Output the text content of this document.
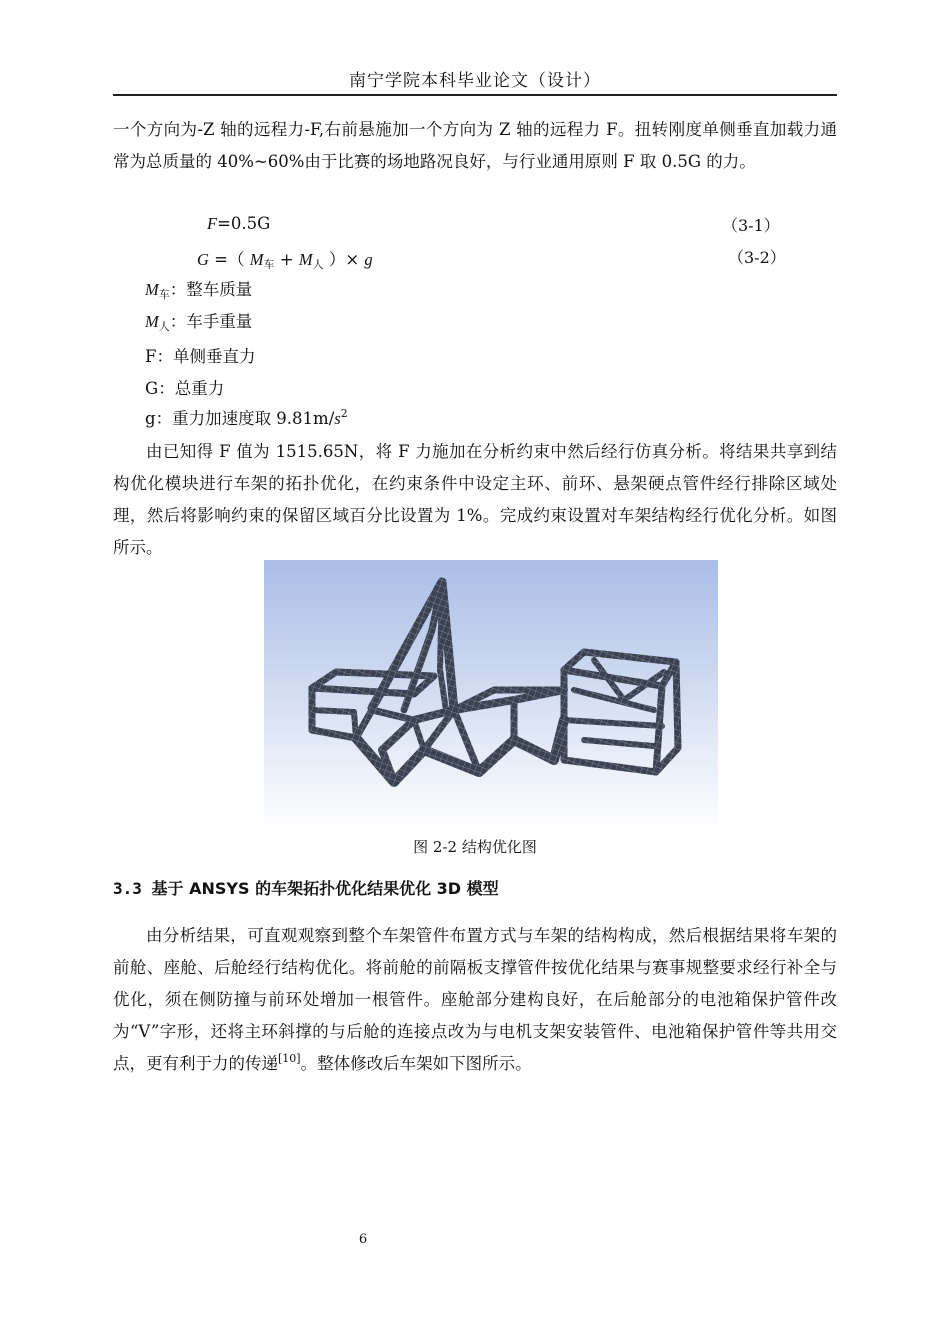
南宁学院本科毕业论文（设计）
一个方向为-Z 轴的远程力-F,右前悬施加一个方向为 Z 轴的远程力 F。扭转刚度单侧垂直加载力通常为总质量的 40%~60%由于比赛的场地路况良好，与行业通用原则 F 取 0.5G 的力。
F=0.5G	（3-1）
G =（ M车 + M人 ）× g	（3-2）
M车：整车质量
M人：车手重量
F：单侧垂直力
G：总重力
g：重力加速度取 $9.81m/s^2$
由已知得 F 值为 1515.65N，将 F 力施加在分析约束中然后经行仿真分析。将结果共享到结构优化模块进行车架的拓扑优化，在约束条件中设定主环、前环、悬架硬点管件经行排除区域处理，然后将影响约束的保留区域百分比设置为 1%。完成约束设置对车架结构经行优化分析。如图所示。
图 2-2 结构优化图
3.3 基于 ANSYS 的车架拓扑优化结果优化 3D 模型
由分析结果，可直观观察到整个车架管件布置方式与车架的结构构成，然后根据结果将车架的前舱、座舱、后舱经行结构优化。将前舱的前隔板支撑管件按优化结果与赛事规整要求经行补全与优化，须在侧防撞与前环处增加一根管件。座舱部分建构良好，在后舱部分的电池箱保护管件改为“V”字形，还将主环斜撑的与后舱的连接点改为与电机支架安装管件、电池箱保护管件等共用交点，更有利于力的传递[10]。整体修改后车架如下图所示。
6
